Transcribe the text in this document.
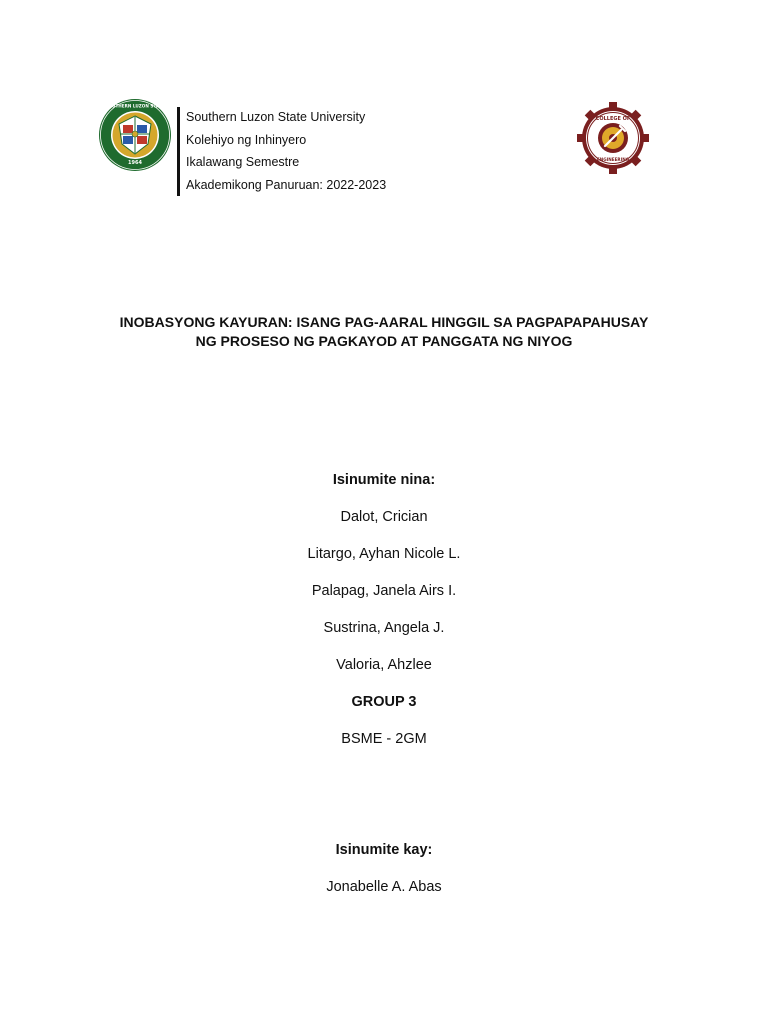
1964
SOUTHERN LUZON STATE
Southern Luzon State University
Kolehiyo ng Inhinyero
Ikalawang Semestre
Akademikong Panuruan: 2022-2023
COLLEGE OF
ENGINEERING
INOBASYONG KAYURAN: ISANG PAG-AARAL HINGGIL SA PAGPAPAPAHUSAY
NG PROSESO NG PAGKAYOD AT PANGGATA NG NIYOG
Isinumite nina:
Dalot, Crician
Litargo, Ayhan Nicole L.
Palapag, Janela Airs I.
Sustrina, Angela J.
Valoria, Ahzlee
GROUP 3
BSME - 2GM
Isinumite kay:
Jonabelle A. Abas
